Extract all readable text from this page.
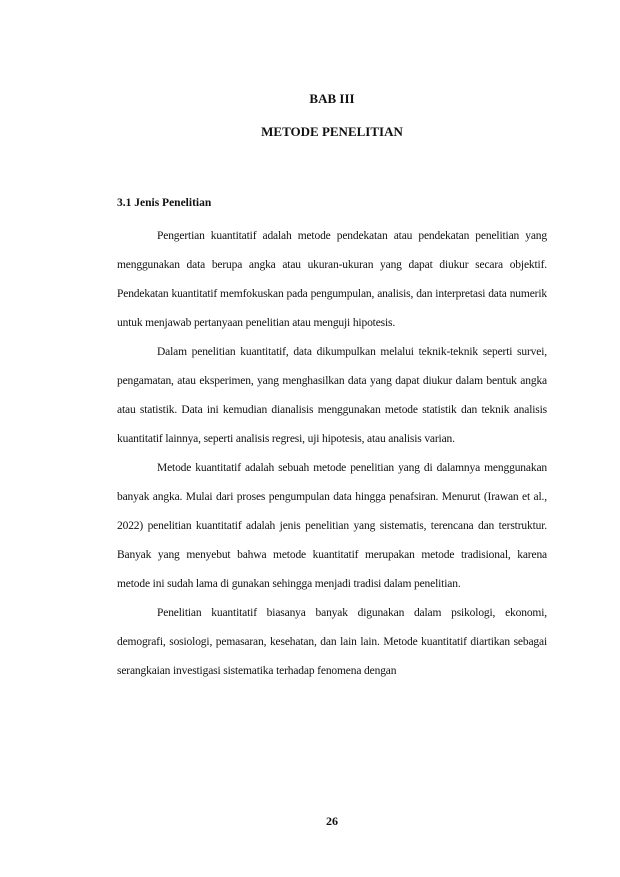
BAB III
METODE PENELITIAN
3.1 Jenis Penelitian

Pengertian kuantitatif adalah metode pendekatan atau pendekatan penelitian yang menggunakan data berupa angka atau ukuran-ukuran yang dapat diukur secara objektif. Pendekatan kuantitatif memfokuskan pada pengumpulan, analisis, dan interpretasi data numerik untuk menjawab pertanyaan penelitian atau menguji hipotesis.

Dalam penelitian kuantitatif, data dikumpulkan melalui teknik-teknik seperti survei, pengamatan, atau eksperimen, yang menghasilkan data yang dapat diukur dalam bentuk angka atau statistik. Data ini kemudian dianalisis menggunakan metode statistik dan teknik analisis kuantitatif lainnya, seperti analisis regresi, uji hipotesis, atau analisis varian.

Metode kuantitatif adalah sebuah metode penelitian yang di dalamnya menggunakan banyak angka. Mulai dari proses pengumpulan data hingga penafsiran. Menurut (Irawan et al., 2022) penelitian kuantitatif adalah jenis penelitian yang sistematis, terencana dan terstruktur. Banyak yang menyebut bahwa metode kuantitatif merupakan metode tradisional, karena metode ini sudah lama di gunakan sehingga menjadi tradisi dalam penelitian.

Penelitian kuantitatif biasanya banyak digunakan dalam psikologi, ekonomi, demografi, sosiologi, pemasaran, kesehatan, dan lain lain. Metode kuantitatif diartikan sebagai serangkaian investigasi sistematika terhadap fenomena dengan

26
